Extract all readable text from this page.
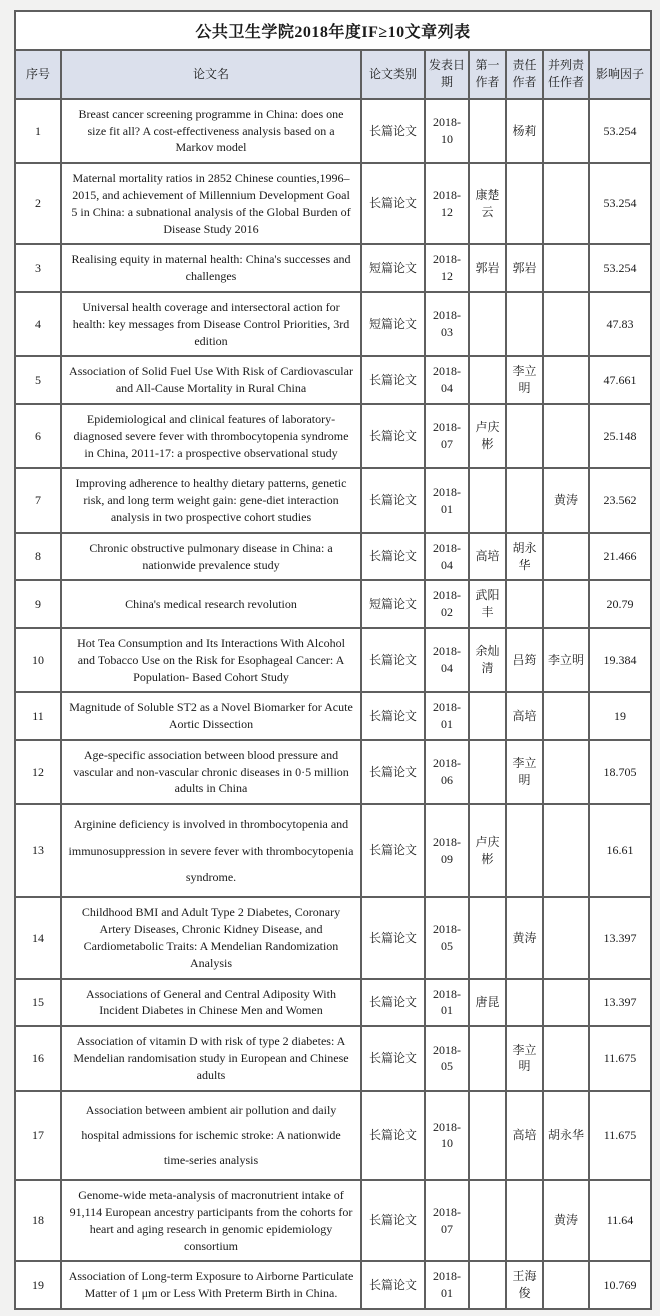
公共卫生学院2018年度IF≥10文章列表							
序号	论文名	论文类别	发表日期	第一作者	责任作者	并列责任作者	影响因子
1	Breast cancer screening programme in China: does one size fit all? A cost-effectiveness analysis based on a Markov model	长篇论文	2018-10		杨莉		53.254
2	Maternal mortality ratios in 2852 Chinese counties,1996–2015, and achievement of Millennium Development Goal 5 in China: a subnational analysis of the Global Burden of Disease Study 2016	长篇论文	2018-12	康楚云			53.254
3	Realising equity in maternal health: China's successes and challenges	短篇论文	2018-12	郭岩	郭岩		53.254
4	Universal health coverage and intersectoral action for health: key messages from Disease Control Priorities, 3rd edition	短篇论文	2018-03				47.83
5	Association of Solid Fuel Use With Risk of Cardiovascular and All-Cause Mortality in Rural China	长篇论文	2018-04		李立明		47.661
6	Epidemiological and clinical features of laboratory-diagnosed severe fever with thrombocytopenia syndrome in China, 2011-17: a prospective observational study	长篇论文	2018-07	卢庆彬			25.148
7	Improving adherence to healthy dietary patterns, genetic risk, and long term weight gain: gene-diet interaction analysis in two prospective cohort studies	长篇论文	2018-01			黄涛	23.562
8	Chronic obstructive pulmonary disease in China: a nationwide prevalence study	长篇论文	2018-04	高培	胡永华		21.466
9	China's medical research revolution	短篇论文	2018-02	武阳丰			20.79
10	Hot Tea Consumption and Its Interactions With Alcohol and Tobacco Use on the Risk for Esophageal Cancer: A Population- Based Cohort Study	长篇论文	2018-04	余灿清	吕筠	李立明	19.384
11	Magnitude of Soluble ST2 as a Novel Biomarker for Acute Aortic Dissection	长篇论文	2018-01		高培		19
12	Age-specific association between blood pressure and vascular and non-vascular chronic diseases in 0·5 million adults in China	长篇论文	2018-06		李立明		18.705
13	Arginine deficiency is involved in thrombocytopenia and immunosuppression in severe fever with thrombocytopenia syndrome.	长篇论文	2018-09	卢庆彬			16.61
14	Childhood BMI and Adult Type 2 Diabetes, Coronary Artery Diseases, Chronic Kidney Disease, and Cardiometabolic Traits: A Mendelian Randomization Analysis	长篇论文	2018-05		黄涛		13.397
15	Associations of General and Central Adiposity With Incident Diabetes in Chinese Men and Women	长篇论文	2018-01	唐昆			13.397
16	Association of vitamin D with risk of type 2 diabetes: A Mendelian randomisation study in European and Chinese adults	长篇论文	2018-05		李立明		11.675
17	Association between ambient air pollution and daily hospital admissions for ischemic stroke: A nationwide time-series analysis	长篇论文	2018-10		高培	胡永华	11.675
18	Genome-wide meta-analysis of macronutrient intake of 91,114 European ancestry participants from the cohorts for heart and aging research in genomic epidemiology consortium	长篇论文	2018-07			黄涛	11.64
19	Association of Long-term Exposure to Airborne Particulate Matter of 1 μm or Less With Preterm Birth in China.	长篇论文	2018-01		王海俊		10.769
